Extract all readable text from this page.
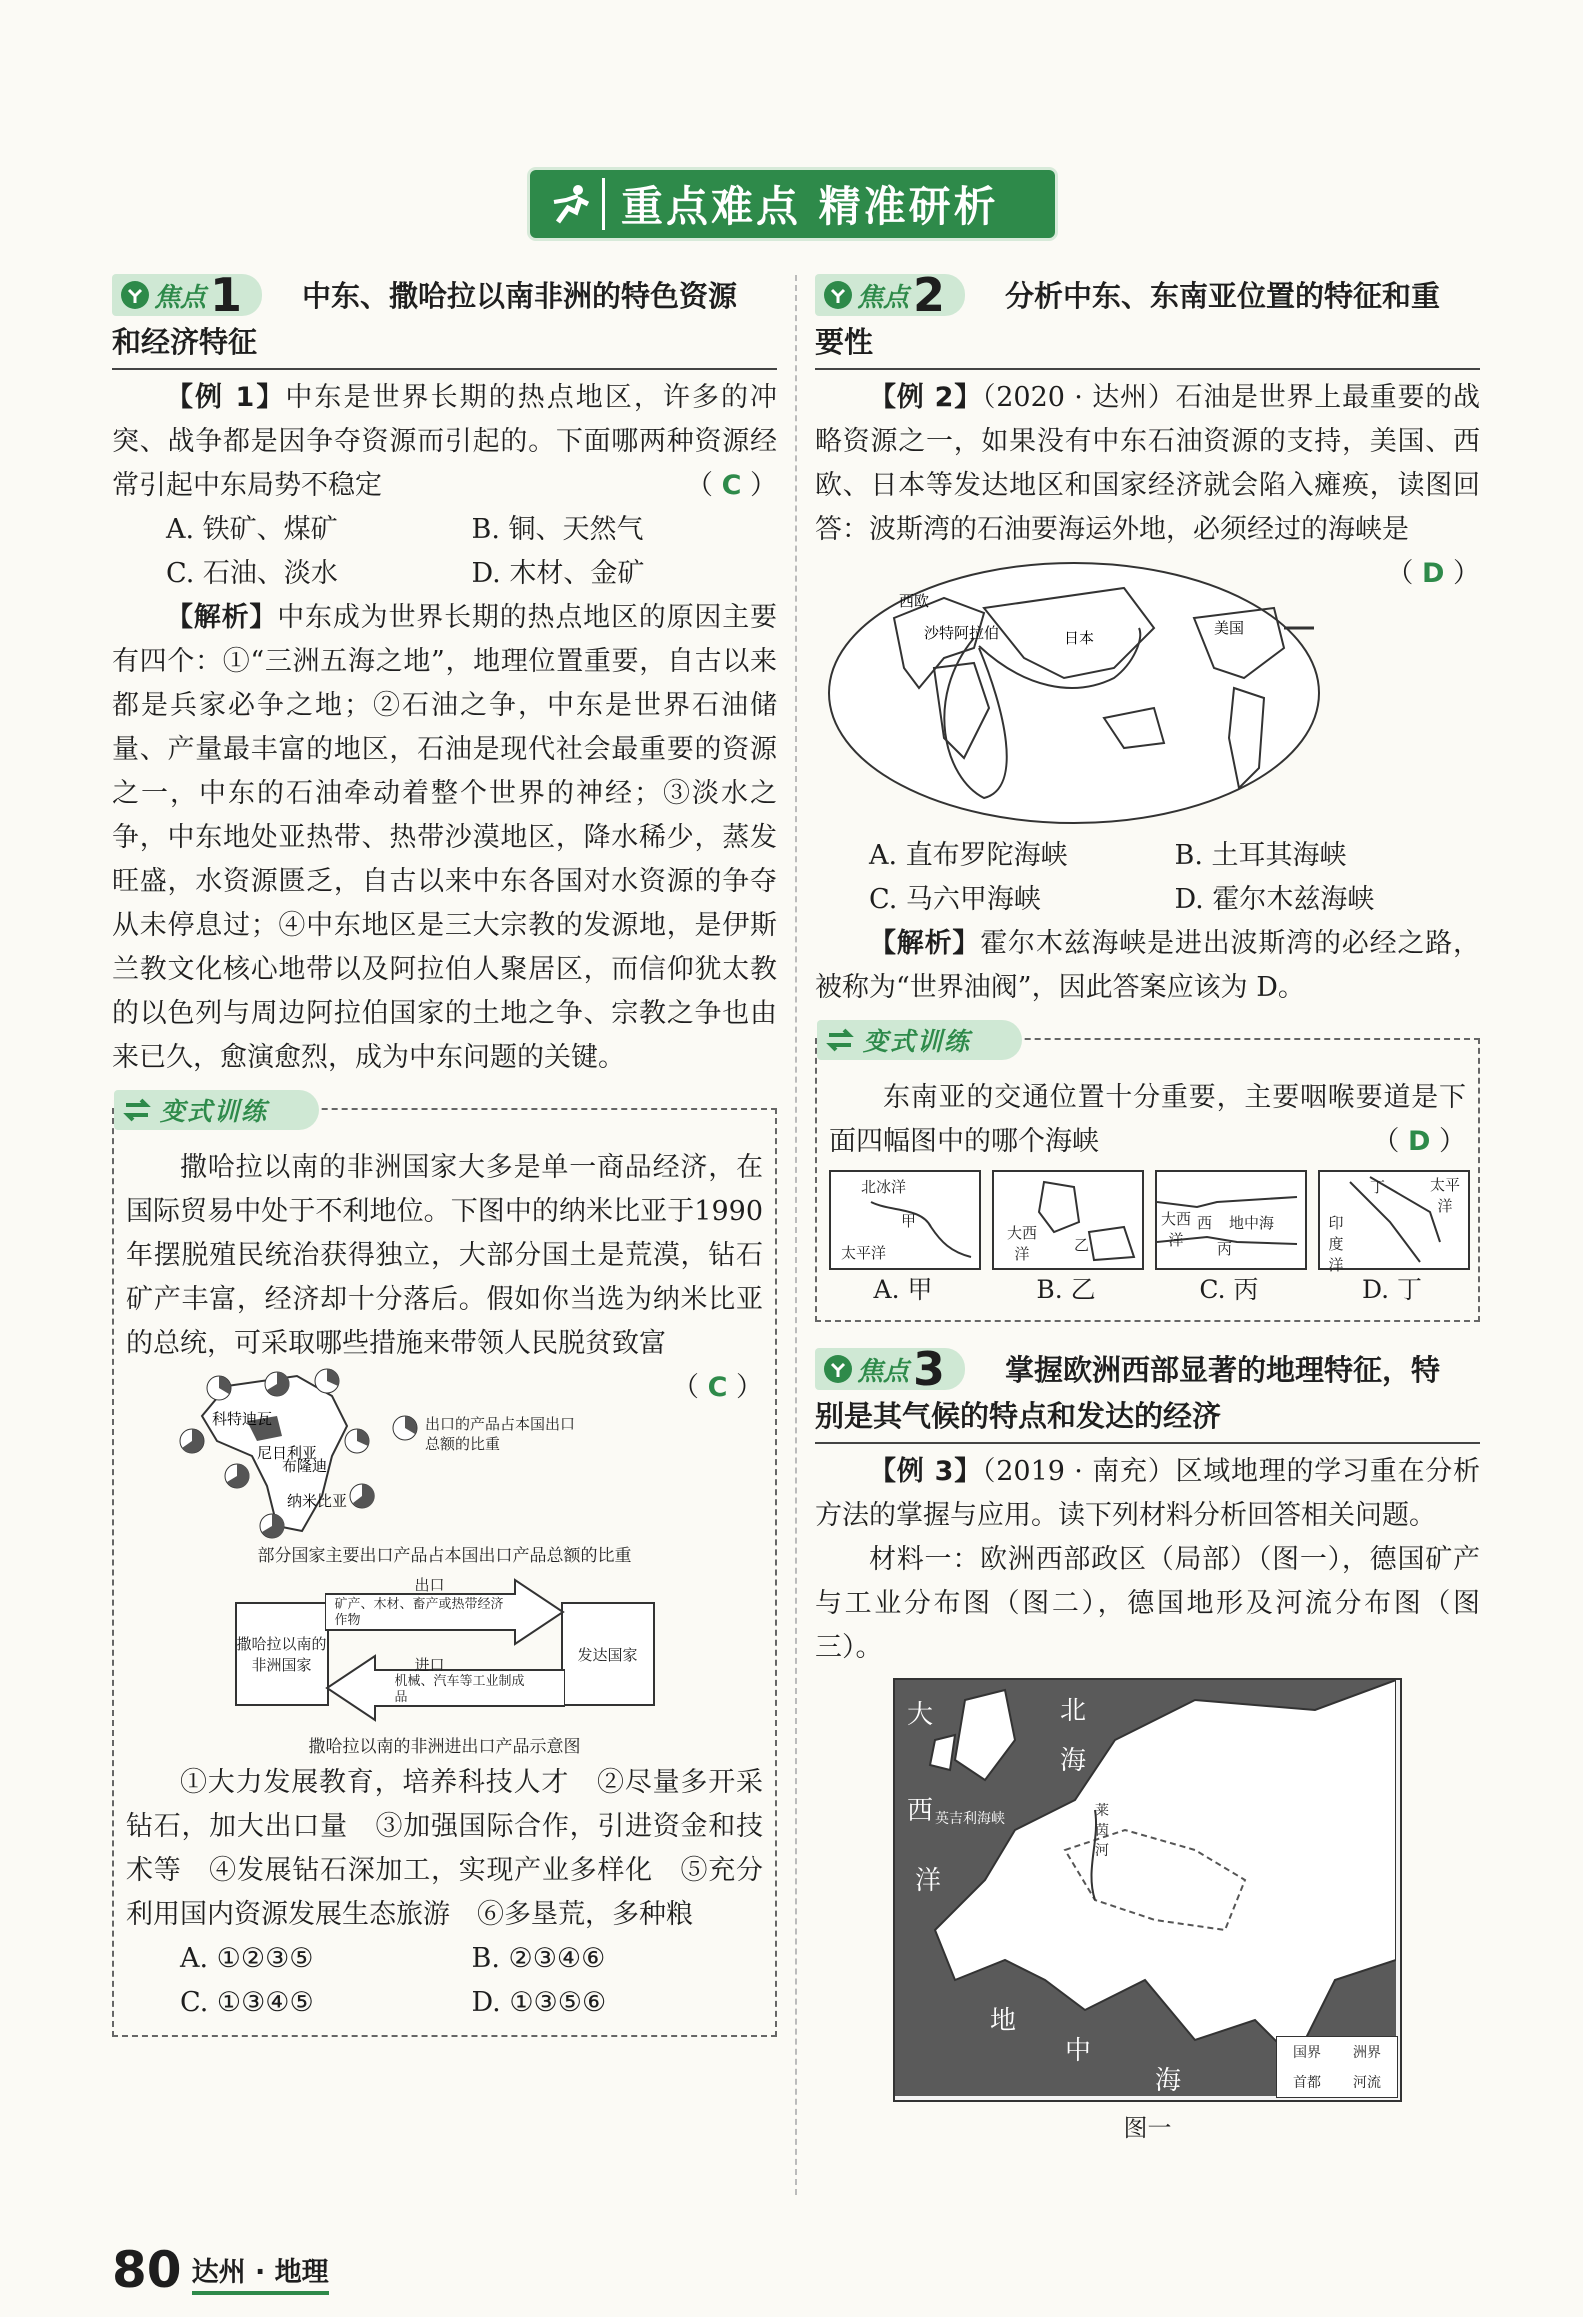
重点难点 精准研析
焦点 1 中东、撒哈拉以南非洲的特色资源
和经济特征

【例 1】中东是世界长期的热点地区，许多的冲突、战争都是因争夺资源而引起的。下面哪两种资源经常引起中东局势不稳定	（ C ）

A. 铁矿、煤矿	B. 铜、天然气
C. 石油、淡水	D. 木材、金矿

【解析】中东成为世界长期的热点地区的原因主要有四个：①“三洲五海之地”，地理位置重要，自古以来都是兵家必争之地；②石油之争，中东是世界石油储量、产量最丰富的地区，石油是现代社会最重要的资源之一，中东的石油牵动着整个世界的神经；③淡水之争，中东地处亚热带、热带沙漠地区，降水稀少，蒸发旺盛，水资源匮乏，自古以来中东各国对水资源的争夺从未停息过；④中东地区是三大宗教的发源地，是伊斯兰教文化核心地带以及阿拉伯人聚居区，而信仰犹太教的以色列与周边阿拉伯国家的土地之争、宗教之争也由来已久，愈演愈烈，成为中东问题的关键。

变式训练

撒哈拉以南的非洲国家大多是单一商品经济，在国际贸易中处于不利地位。下图中的纳米比亚于1990年摆脱殖民统治获得独立，大部分国土是荒漠，钻石矿产丰富，经济却十分落后。假如你当选为纳米比亚的总统，可采取哪些措施来带领人民脱贫致富
（ C ）

科特迪瓦
尼日利亚
布隆迪
纳米比亚
出口的产品占本国出口总额的比重
部分国家主要出口产品占本国出口产品总额的比重
撒哈拉以南的非洲国家
发达国家
出口
矿产、木材、畜产或热带经济作物
进口
机械、汽车等工业制成品
撒哈拉以南的非洲进出口产品示意图

①大力发展教育，培养科技人才　②尽量多开采钻石，加大出口量　③加强国际合作，引进资金和技术等　④发展钻石深加工，实现产业多样化　⑤充分利用国内资源发展生态旅游　⑥多垦荒，多种粮

A. ①②③⑤	B. ②③④⑥
C. ①③④⑤	D. ①③⑤⑥
焦点 2 分析中东、东南亚位置的特征和重
要性

【例 2】（2020 · 达州）石油是世界上最重要的战略资源之一，如果没有中东石油资源的支持，美国、西欧、日本等发达地区和国家经济就会陷入瘫痪，读图回答：波斯湾的石油要海运外地，必须经过的海峡是
（ D ）

西欧
沙特阿拉伯	日本
美国
A. 直布罗陀海峡	B. 土耳其海峡
C. 马六甲海峡	D. 霍尔木兹海峡

【解析】霍尔木兹海峡是进出波斯湾的必经之路，被称为“世界油阀”，因此答案应该为 D。

变式训练

东南亚的交通位置十分重要，主要咽喉要道是下面四幅图中的哪个海峡	（ D ）

北冰洋
甲
太平洋
A. 甲
大西洋	乙
B. 乙
大西洋
西 地中海
丙
C. 丙
丁	太平洋
印度洋
D. 丁
焦点 3 掌握欧洲西部显著的地理特征，特
别是其气候的特点和发达的经济

【例 3】（2019 · 南充）区域地理的学习重在分析方法的掌握与应用。读下列材料分析回答相关问题。

材料一：欧洲西部政区（局部）（图一），德国矿产与工业分布图（图二），德国地形及河流分布图（图三）。

大
西
洋
北
海
英吉利海峡	莱茵河
地
中
海
国界	洲界
首都	河流
图一
80 达州 · 地理
